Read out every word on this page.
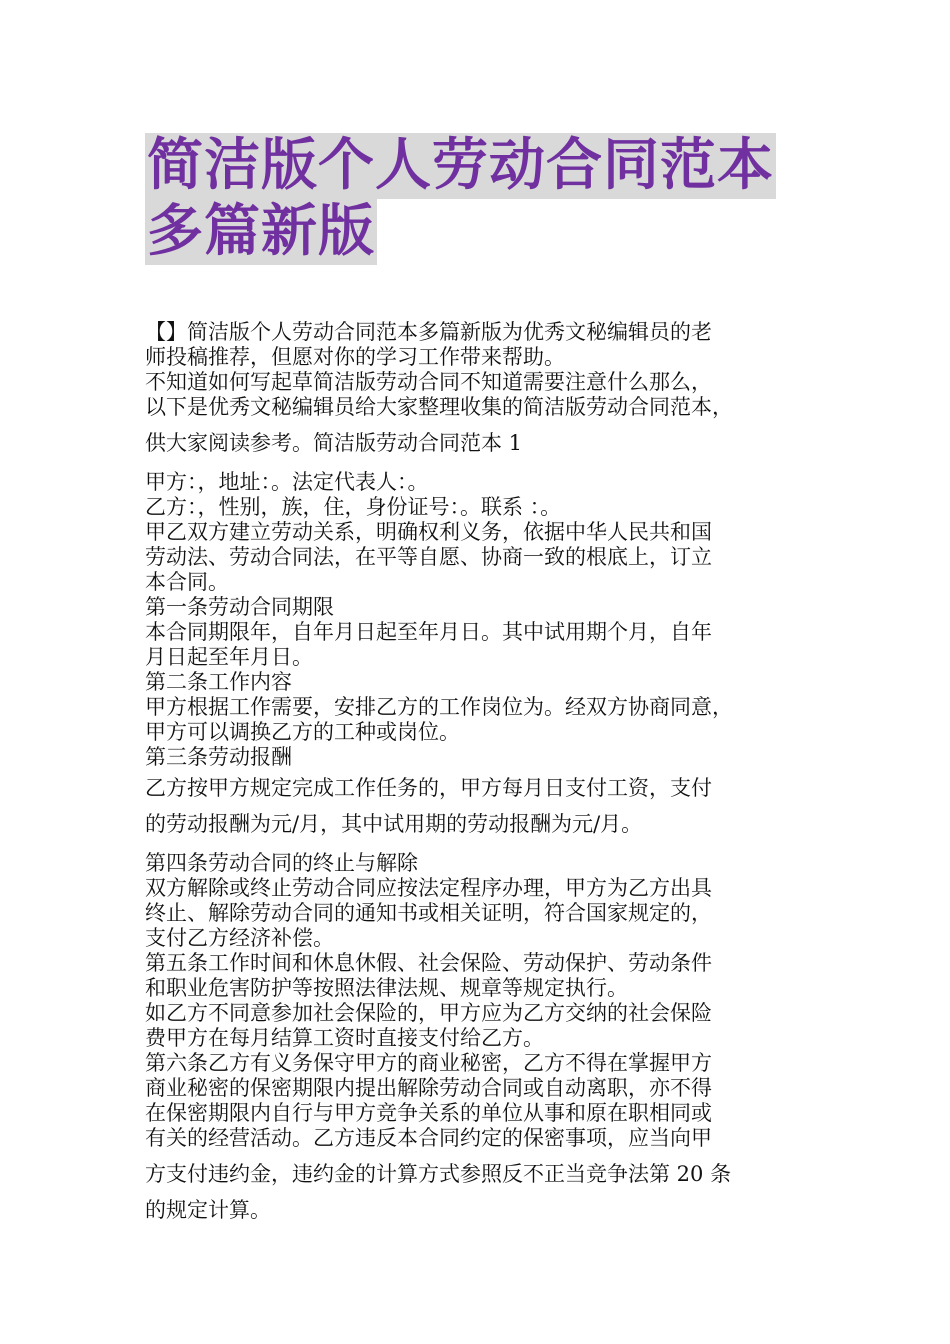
简洁版个人劳动合同范本
多篇新版

【】简洁版个人劳动合同范本多篇新版为优秀文秘编辑员的老

师投稿推荐，但愿对你的学习工作带来帮助。

不知道如何写起草简洁版劳动合同不知道需要注意什么那么，

以下是优秀文秘编辑员给大家整理收集的简洁版劳动合同范本，

供大家阅读参考。简洁版劳动合同范本 1

甲方：，地址：。法定代表人：。

乙方：，性别，族，住，身份证号：。联系 ：。

甲乙双方建立劳动关系，明确权利义务，依据中华人民共和国

劳动法、劳动合同法，在平等自愿、协商一致的根底上，订立

本合同。

第一条劳动合同期限

本合同期限年，自年月日起至年月日。其中试用期个月，自年

月日起至年月日。

第二条工作内容

甲方根据工作需要，安排乙方的工作岗位为。经双方协商同意，

甲方可以调换乙方的工种或岗位。

第三条劳动报酬

乙方按甲方规定完成工作任务的，甲方每月日支付工资，支付

的劳动报酬为元/月，其中试用期的劳动报酬为元/月。

第四条劳动合同的终止与解除

双方解除或终止劳动合同应按法定程序办理，甲方为乙方出具

终止、解除劳动合同的通知书或相关证明，符合国家规定的，

支付乙方经济补偿。

第五条工作时间和休息休假、社会保险、劳动保护、劳动条件

和职业危害防护等按照法律法规、规章等规定执行。

如乙方不同意参加社会保险的，甲方应为乙方交纳的社会保险

费甲方在每月结算工资时直接支付给乙方。

第六条乙方有义务保守甲方的商业秘密，乙方不得在掌握甲方

商业秘密的保密期限内提出解除劳动合同或自动离职，亦不得

在保密期限内自行与甲方竞争关系的单位从事和原在职相同或

有关的经营活动。乙方违反本合同约定的保密事项，应当向甲

方支付违约金，违约金的计算方式参照反不正当竞争法第 20 条

的规定计算。
